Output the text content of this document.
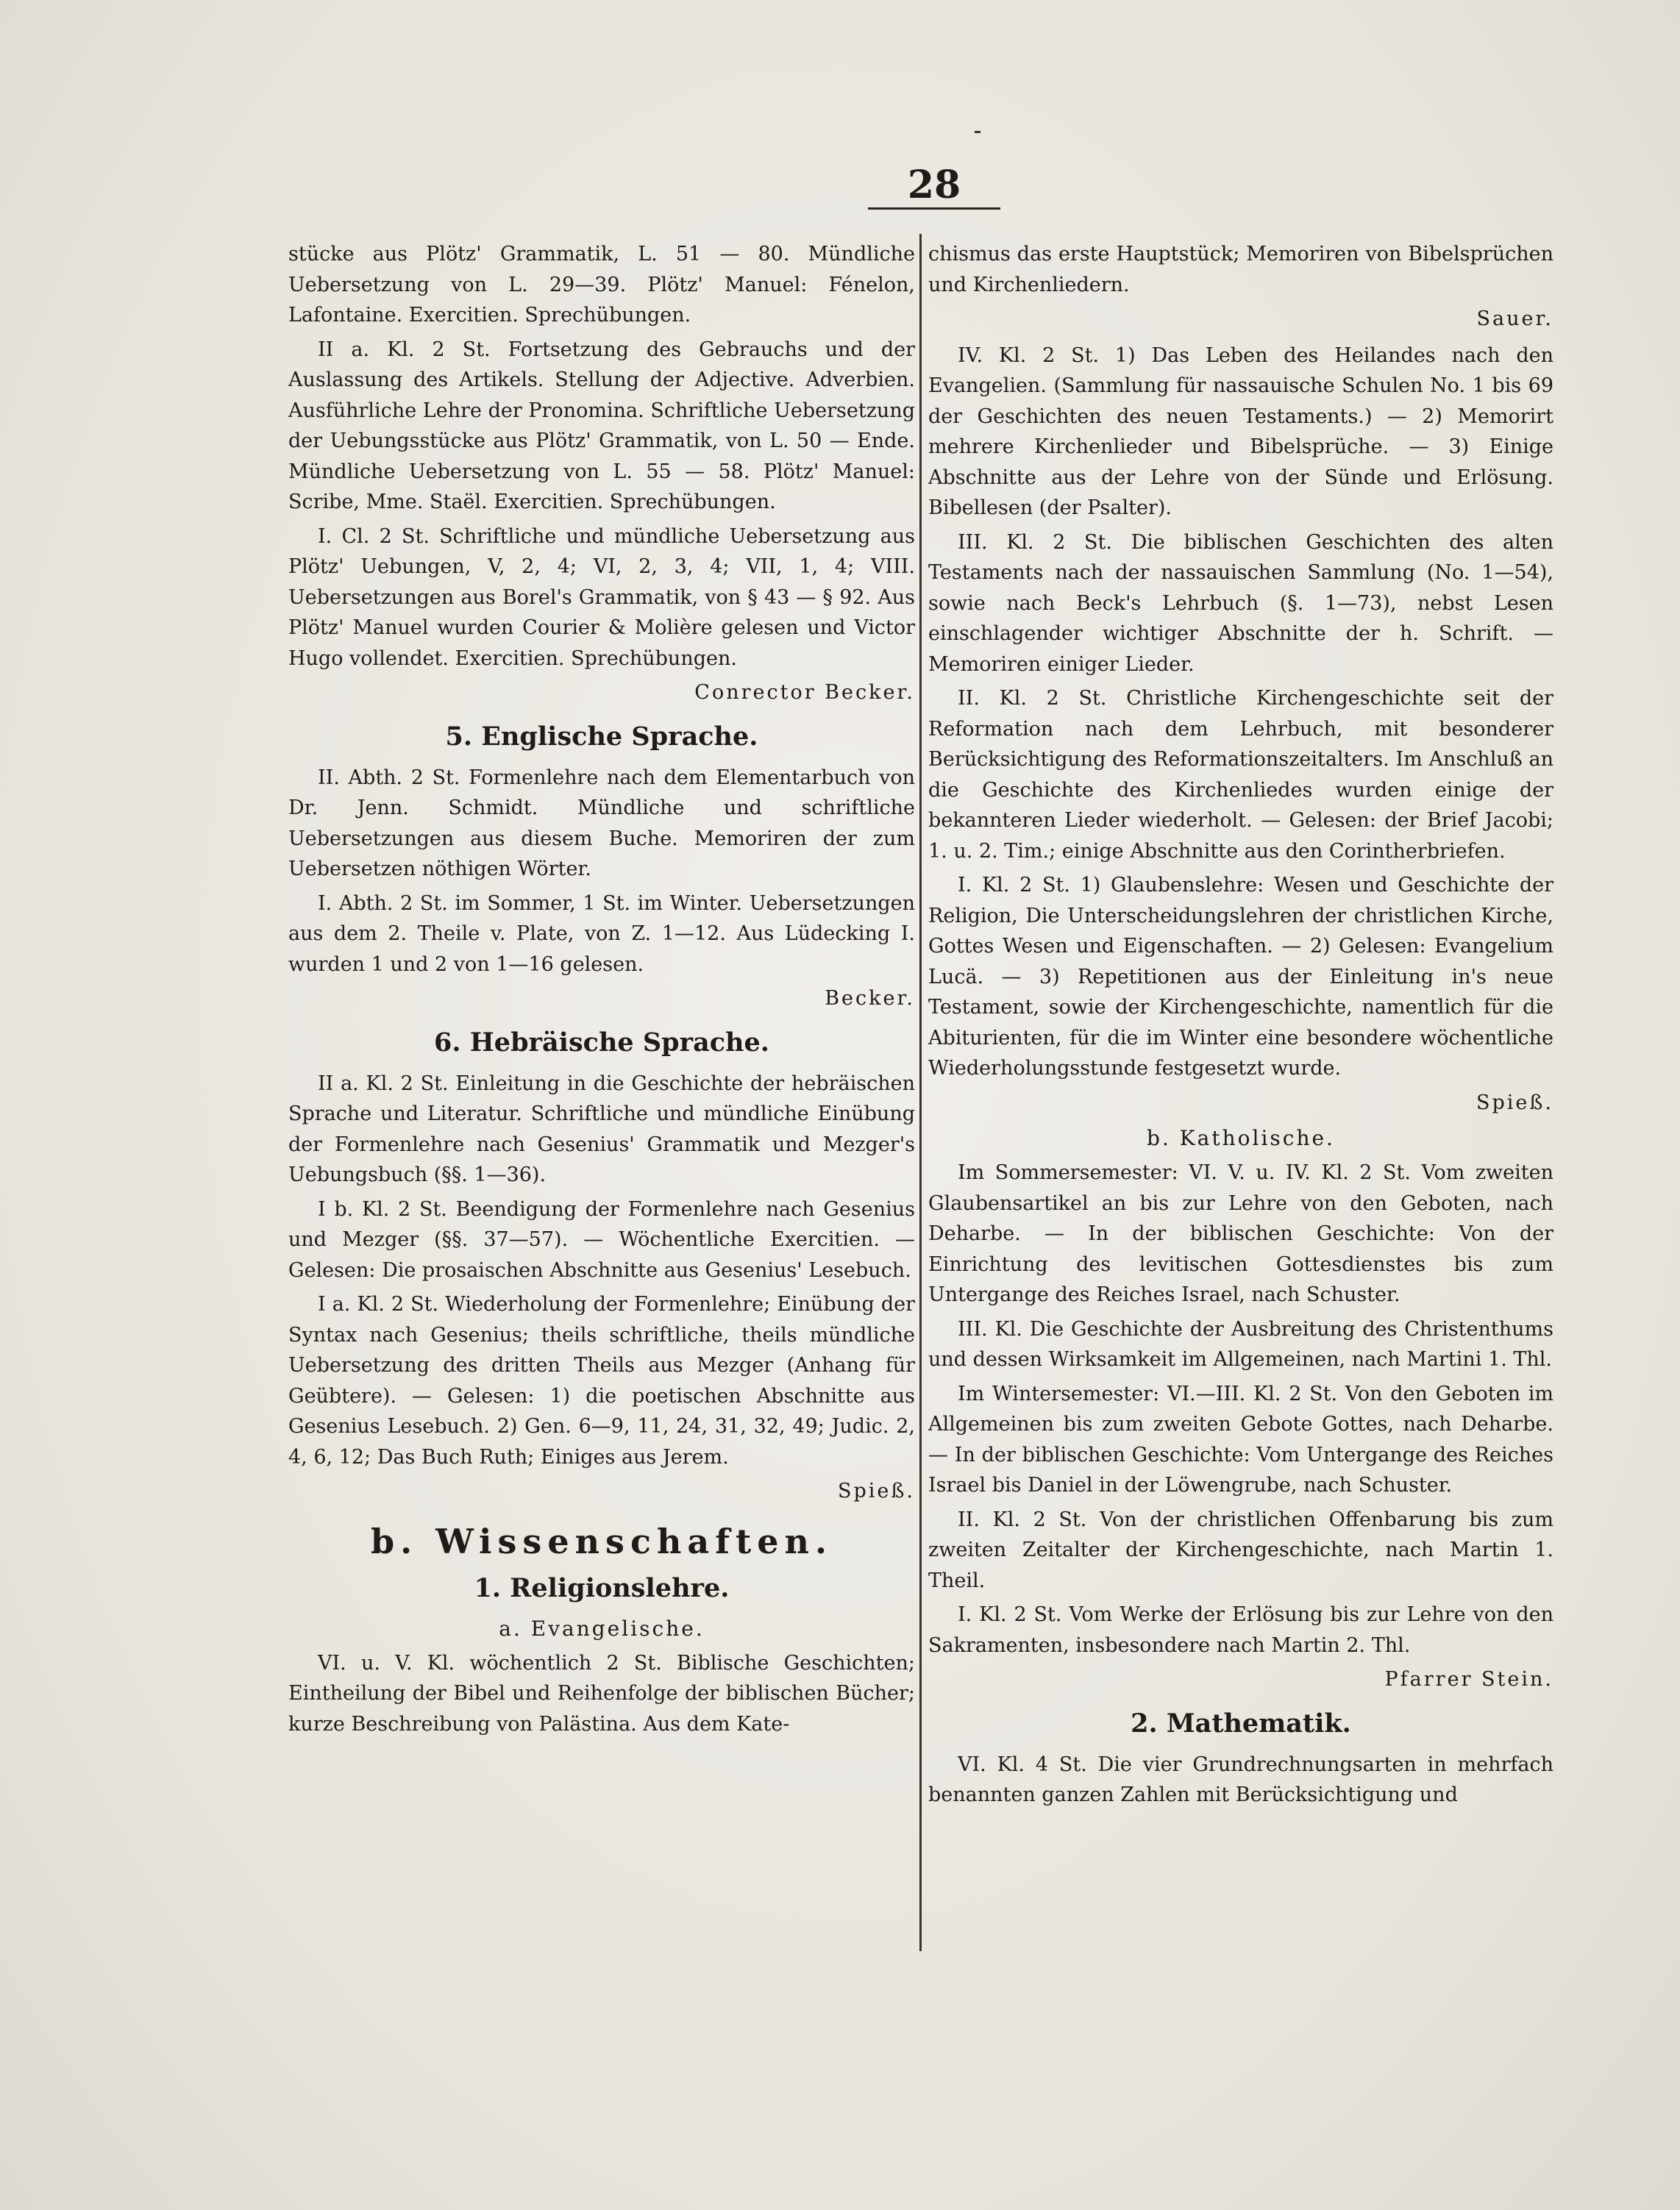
28

stücke aus Plötz' Grammatik, L. 51 — 80. Mündliche Uebersetzung von L. 29—39. Plötz' Manuel: Fénelon, Lafontaine. Exercitien. Sprechübungen.

II a. Kl. 2 St. Fortsetzung des Gebrauchs und der Auslassung des Artikels. Stellung der Adjective. Adverbien. Ausführliche Lehre der Pronomina. Schriftliche Uebersetzung der Uebungsstücke aus Plötz' Grammatik, von L. 50 — Ende. Mündliche Uebersetzung von L. 55 — 58. Plötz' Manuel: Scribe, Mme. Staël. Exercitien. Sprechübungen.

I. Cl. 2 St. Schriftliche und mündliche Uebersetzung aus Plötz' Uebungen, V, 2, 4; VI, 2, 3, 4; VII, 1, 4; VIII. Uebersetzungen aus Borel's Grammatik, von § 43 — § 92. Aus Plötz' Manuel wurden Courier & Molière gelesen und Victor Hugo vollendet. Exercitien. Sprechübungen.

Conrector Becker.
5. Englische Sprache.

II. Abth. 2 St. Formenlehre nach dem Elementarbuch von Dr. Jenn. Schmidt. Mündliche und schriftliche Uebersetzungen aus diesem Buche. Memoriren der zum Uebersetzen nöthigen Wörter.

I. Abth. 2 St. im Sommer, 1 St. im Winter. Uebersetzungen aus dem 2. Theile v. Plate, von Z. 1—12. Aus Lüdecking I. wurden 1 und 2 von 1—16 gelesen.

Becker.
6. Hebräische Sprache.

II a. Kl. 2 St. Einleitung in die Geschichte der hebräischen Sprache und Literatur. Schriftliche und mündliche Einübung der Formenlehre nach Gesenius' Grammatik und Mezger's Uebungsbuch (§§. 1—36).

I b. Kl. 2 St. Beendigung der Formenlehre nach Gesenius und Mezger (§§. 37—57). — Wöchentliche Exercitien. — Gelesen: Die prosaischen Abschnitte aus Gesenius' Lesebuch.

I a. Kl. 2 St. Wiederholung der Formenlehre; Einübung der Syntax nach Gesenius; theils schriftliche, theils mündliche Uebersetzung des dritten Theils aus Mezger (Anhang für Geübtere). — Gelesen: 1) die poetischen Abschnitte aus Gesenius Lesebuch. 2) Gen. 6—9, 11, 24, 31, 32, 49; Judic. 2, 4, 6, 12; Das Buch Ruth; Einiges aus Jerem.

Spieß.
b. Wissenschaften.
1. Religionslehre.
a. Evangelische.

VI. u. V. Kl. wöchentlich 2 St. Biblische Geschichten; Eintheilung der Bibel und Reihenfolge der biblischen Bücher; kurze Beschreibung von Palästina. Aus dem Kate-

chismus das erste Hauptstück; Memoriren von Bibelsprüchen und Kirchenliedern.

Sauer.

IV. Kl. 2 St. 1) Das Leben des Heilandes nach den Evangelien. (Sammlung für nassauische Schulen No. 1 bis 69 der Geschichten des neuen Testaments.) — 2) Memorirt mehrere Kirchenlieder und Bibelsprüche. — 3) Einige Abschnitte aus der Lehre von der Sünde und Erlösung. Bibellesen (der Psalter).

III. Kl. 2 St. Die biblischen Geschichten des alten Testaments nach der nassauischen Sammlung (No. 1—54), sowie nach Beck's Lehrbuch (§. 1—73), nebst Lesen einschlagender wichtiger Abschnitte der h. Schrift. — Memoriren einiger Lieder.

II. Kl. 2 St. Christliche Kirchengeschichte seit der Reformation nach dem Lehrbuch, mit besonderer Berücksichtigung des Reformationszeitalters. Im Anschluß an die Geschichte des Kirchenliedes wurden einige der bekannteren Lieder wiederholt. — Gelesen: der Brief Jacobi; 1. u. 2. Tim.; einige Abschnitte aus den Corintherbriefen.

I. Kl. 2 St. 1) Glaubenslehre: Wesen und Geschichte der Religion, Die Unterscheidungslehren der christlichen Kirche, Gottes Wesen und Eigenschaften. — 2) Gelesen: Evangelium Lucä. — 3) Repetitionen aus der Einleitung in's neue Testament, sowie der Kirchengeschichte, namentlich für die Abiturienten, für die im Winter eine besondere wöchentliche Wiederholungsstunde festgesetzt wurde.

Spieß.
b. Katholische.

Im Sommersemester: VI. V. u. IV. Kl. 2 St. Vom zweiten Glaubensartikel an bis zur Lehre von den Geboten, nach Deharbe. — In der biblischen Geschichte: Von der Einrichtung des levitischen Gottesdienstes bis zum Untergange des Reiches Israel, nach Schuster.

III. Kl. Die Geschichte der Ausbreitung des Christenthums und dessen Wirksamkeit im Allgemeinen, nach Martini 1. Thl.

Im Wintersemester: VI.—III. Kl. 2 St. Von den Geboten im Allgemeinen bis zum zweiten Gebote Gottes, nach Deharbe. — In der biblischen Geschichte: Vom Untergange des Reiches Israel bis Daniel in der Löwengrube, nach Schuster.

II. Kl. 2 St. Von der christlichen Offenbarung bis zum zweiten Zeitalter der Kirchengeschichte, nach Martin 1. Theil.

I. Kl. 2 St. Vom Werke der Erlösung bis zur Lehre von den Sakramenten, insbesondere nach Martin 2. Thl.

Pfarrer Stein.
2. Mathematik.

VI. Kl. 4 St. Die vier Grundrechnungsarten in mehrfach benannten ganzen Zahlen mit Berücksichtigung und
